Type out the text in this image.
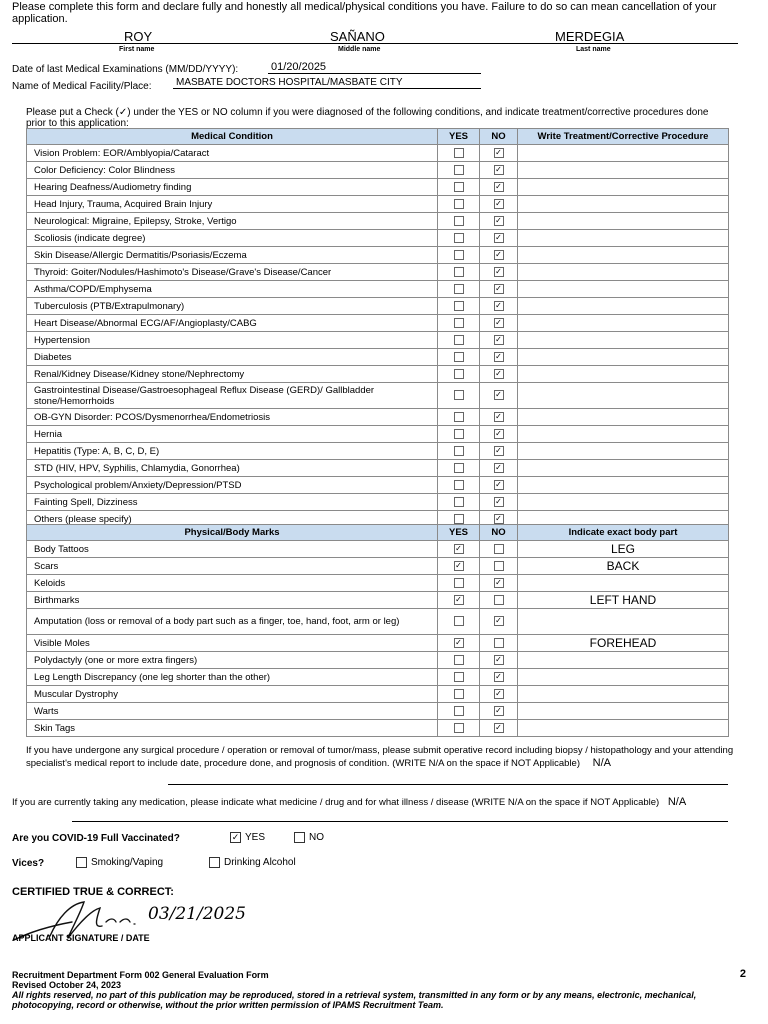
Please complete this form and declare fully and honestly all medical/physical conditions you have. Failure to do so can mean cancellation of your application.
ROY	SAÑANO	MERDEGIA
First name	Middle name	Last name
Date of last Medical Examinations (MM/DD/YYYY):	01/20/2025
Name of Medical Facility/Place:	MASBATE DOCTORS HOSPITAL/MASBATE CITY
Please put a Check (✓) under the YES or NO column if you were diagnosed of the following conditions, and indicate treatment/corrective procedures done prior to this application:
Medical Condition	YES	NO	Write Treatment/Corrective Procedure
Vision Problem: EOR/Amblyopia/Cataract		✓	
Color Deficiency: Color Blindness		✓	
Hearing Deafness/Audiometry finding		✓	
Head Injury, Trauma, Acquired Brain Injury		✓	
Neurological: Migraine, Epilepsy, Stroke, Vertigo		✓	
Scoliosis (indicate degree)		✓	
Skin Disease/Allergic Dermatitis/Psoriasis/Eczema		✓	
Thyroid: Goiter/Nodules/Hashimoto's Disease/Grave's Disease/Cancer		✓	
Asthma/COPD/Emphysema		✓	
Tuberculosis (PTB/Extrapulmonary)		✓	
Heart Disease/Abnormal ECG/AF/Angioplasty/CABG		✓	
Hypertension		✓	
Diabetes		✓	
Renal/Kidney Disease/Kidney stone/Nephrectomy		✓	
Gastrointestinal Disease/Gastroesophageal Reflux Disease (GERD)/ Gallbladder stone/Hemorrhoids		✓	
OB-GYN Disorder: PCOS/Dysmenorrhea/Endometriosis		✓	
Hernia		✓	
Hepatitis (Type: A, B, C, D, E)		✓	
STD (HIV, HPV, Syphilis, Chlamydia, Gonorrhea)		✓	
Psychological problem/Anxiety/Depression/PTSD		✓	
Fainting Spell, Dizziness		✓	
Others (please specify)		✓	
Physical/Body Marks	YES	NO	Indicate exact body part
Body Tattoos	✓		LEG
Scars	✓		BACK
Keloids		✓	
Birthmarks	✓		LEFT HAND
Amputation (loss or removal of a body part such as a finger, toe, hand, foot, arm or leg)		✓	
Visible Moles	✓		FOREHEAD
Polydactyly (one or more extra fingers)		✓	
Leg Length Discrepancy (one leg shorter than the other)		✓	
Muscular Dystrophy		✓	
Warts		✓	
Skin Tags		✓	
If you have undergone any surgical procedure / operation or removal of tumor/mass, please submit operative record including biopsy / histopathology and your attending specialist's medical report to include date, procedure done, and prognosis of condition. (WRITE N/A on the space if NOT Applicable) N/A
If you are currently taking any medication, please indicate what medicine / drug and for what illness / disease (WRITE N/A on the space if NOT Applicable) N/A
Are you COVID-19 Full Vaccinated?	✓ YES	NO
Vices?	Smoking/Vaping	Drinking Alcohol
CERTIFIED TRUE & CORRECT:
03/21/2025
APPLICANT SIGNATURE / DATE
Recruitment Department Form 002 General Evaluation Form
Revised October 24, 2023
All rights reserved, no part of this publication may be reproduced, stored in a retrieval system, transmitted in any form or by any means, electronic, mechanical, photocopying, record or otherwise, without the prior written permission of IPAMS Recruitment Team.
2
